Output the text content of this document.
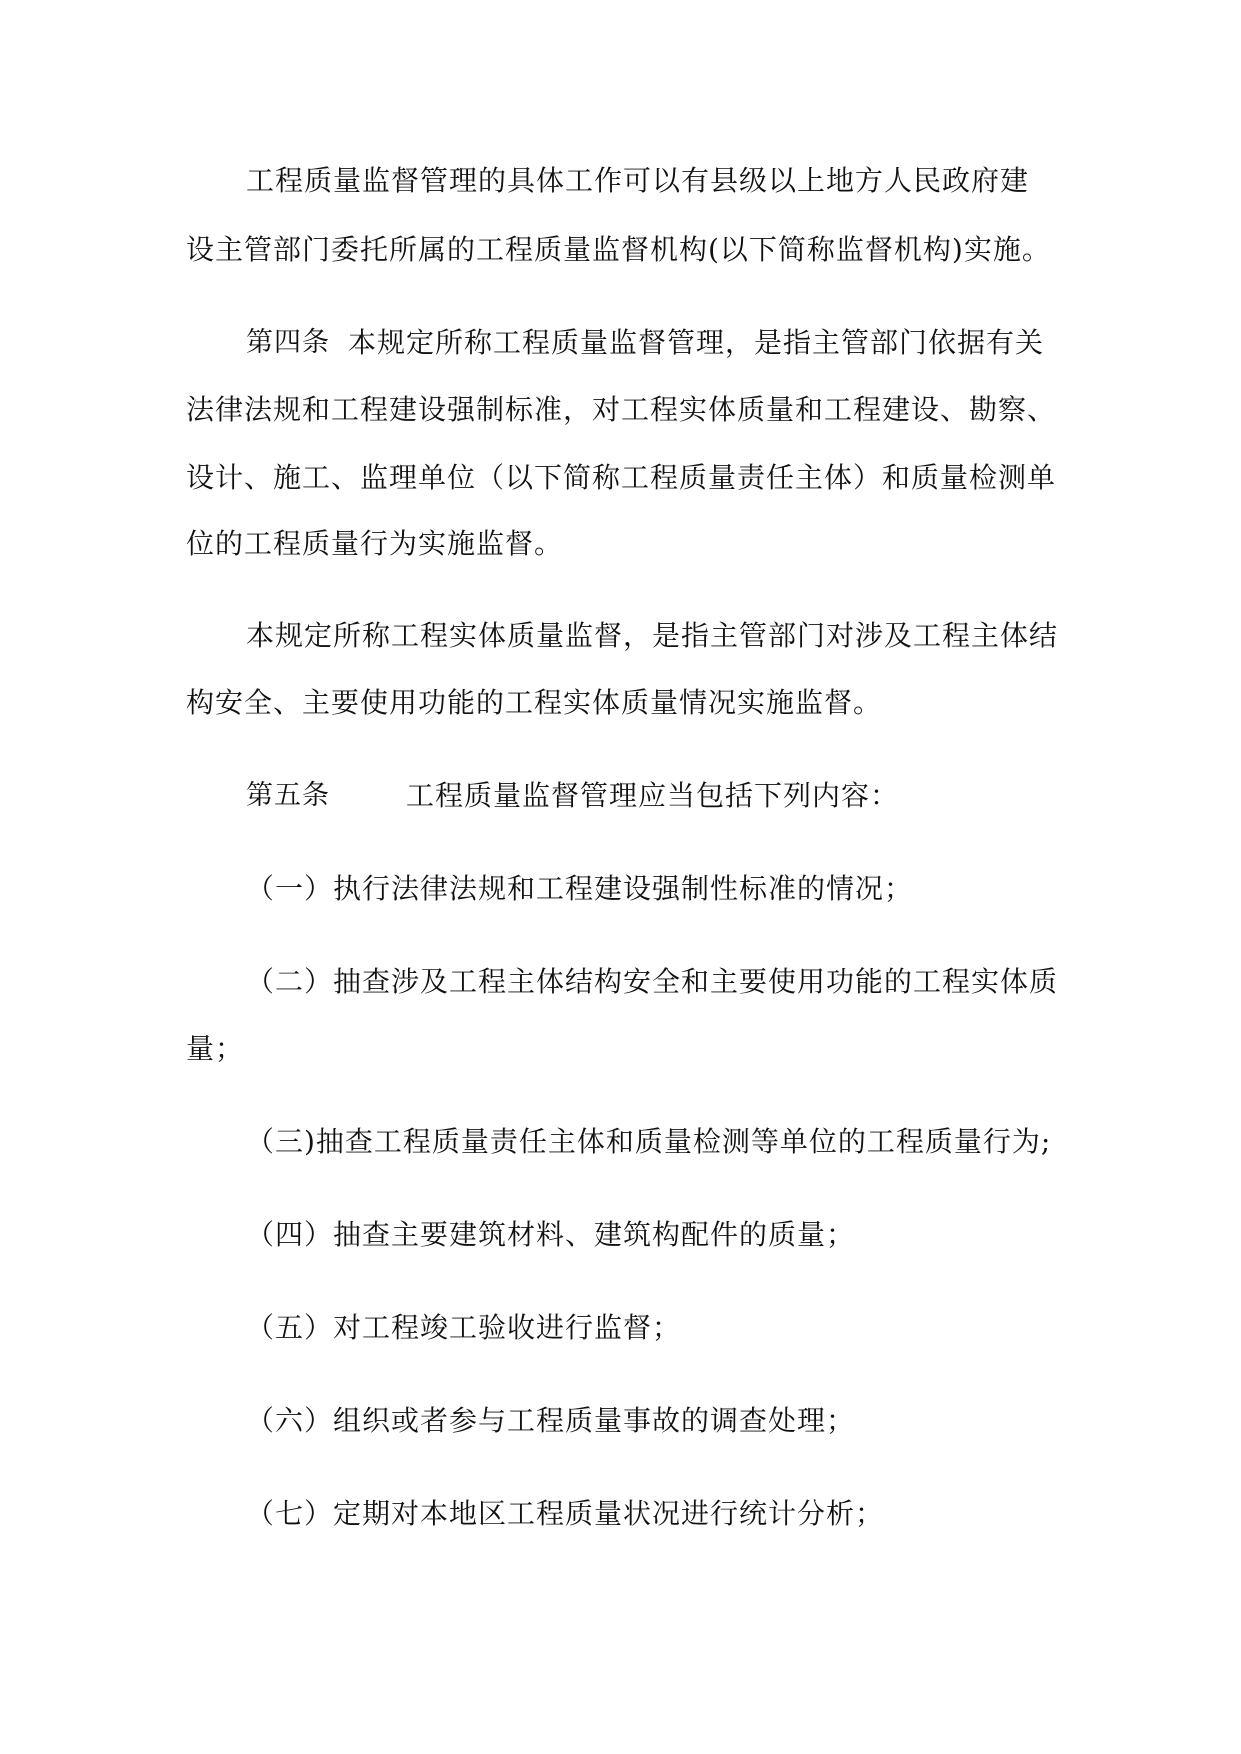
工程质量监督管理的具体工作可以有县级以上地方人民政府建
设主管部门委托所属的工程质量监督机构(以下简称监督机构)实施。
第四条 本规定所称工程质量监督管理，是指主管部门依据有关
法律法规和工程建设强制标准，对工程实体质量和工程建设、勘察、
设计、施工、监理单位（以下简称工程质量责任主体）和质量检测单
位的工程质量行为实施监督。
本规定所称工程实体质量监督，是指主管部门对涉及工程主体结
构安全、主要使用功能的工程实体质量情况实施监督。
第五条	工程质量监督管理应当包括下列内容：
（一）执行法律法规和工程建设强制性标准的情况；
（二）抽查涉及工程主体结构安全和主要使用功能的工程实体质
量；
（三)抽查工程质量责任主体和质量检测等单位的工程质量行为;
（四）抽查主要建筑材料、建筑构配件的质量；
（五）对工程竣工验收进行监督；
（六）组织或者参与工程质量事故的调查处理；
（七）定期对本地区工程质量状况进行统计分析；
